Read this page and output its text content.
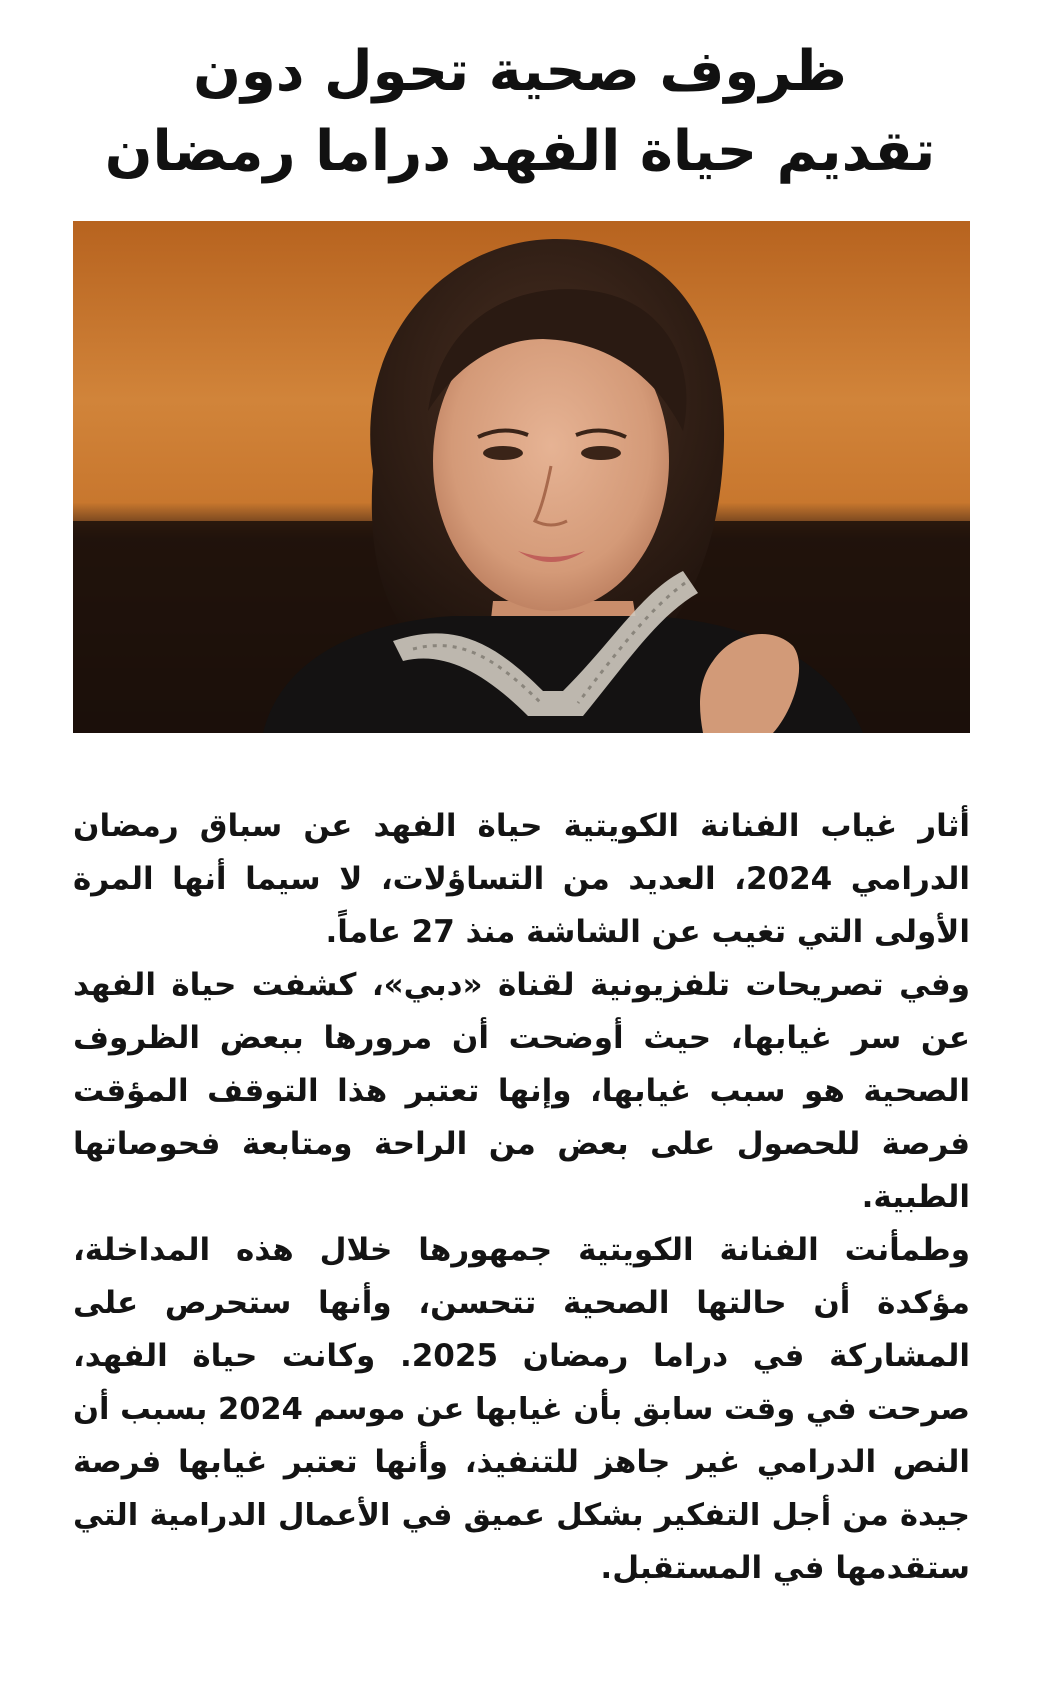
ظروف صحية تحول دون
تقديم حياة الفهد دراما رمضان

أثار غياب الفنانة الكويتية حياة الفهد عن سباق رمضان
الدرامي 2024، العديد من التساؤلات، لا سيما أنها المرة
الأولى التي تغيب عن الشاشة منذ 27 عاماً.
وفي تصريحات تلفزيونية لقناة «دبي»، كشفت حياة الفهد
عن سر غيابها، حيث أوضحت أن مرورها ببعض الظروف
الصحية هو سبب غيابها، وإنها تعتبر هذا التوقف المؤقت
فرصة للحصول على بعض من الراحة ومتابعة فحوصاتها
الطبية.
وطمأنت الفنانة الكويتية جمهورها خلال هذه المداخلة،
مؤكدة أن حالتها الصحية تتحسن، وأنها ستحرص على
المشاركة في دراما رمضان 2025. وكانت حياة الفهد،
صرحت في وقت سابق بأن غيابها عن موسم 2024 بسبب أن
النص الدرامي غير جاهز للتنفيذ، وأنها تعتبر غيابها فرصة
جيدة من أجل التفكير بشكل عميق في الأعمال الدرامية التي
ستقدمها في المستقبل.
